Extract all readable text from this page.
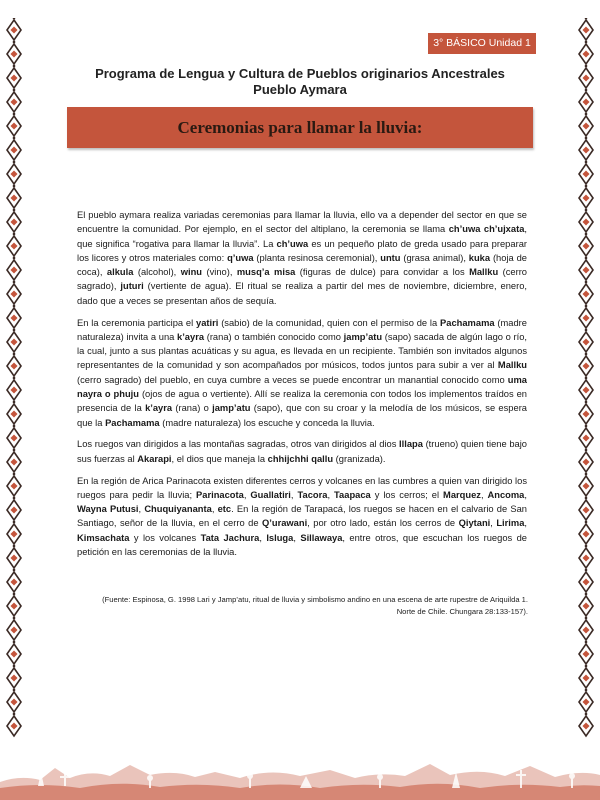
3° BÁSICO Unidad 1
Programa de Lengua y Cultura de Pueblos originarios Ancestrales
Pueblo Aymara
Ceremonias para llamar la lluvia:

El pueblo aymara realiza variadas ceremonias para llamar la lluvia, ello va a depender del sector en que se encuentre la comunidad. Por ejemplo, en el sector del altiplano, la ceremonia se llama ch’uwa ch’ujxata, que significa “rogativa para llamar la lluvia”. La ch’uwa es un pequeño plato de greda usado para preparar los licores y otros materiales como: q’uwa (planta resinosa ceremonial), untu (grasa animal), kuka (hoja de coca), alkula (alcohol), winu (vino), musq’a misa (figuras de dulce) para convidar a los Mallku (cerro sagrado), juturi (vertiente de agua). El ritual se realiza a partir del mes de noviembre, diciembre, enero, dado que a veces se presentan años de sequía.

En la ceremonia participa el yatiri (sabio) de la comunidad, quien con el permiso de la Pachamama (madre naturaleza) invita a una k’ayra (rana) o también conocido como jamp’atu (sapo) sacada de algún lago o río, la cual, junto a sus plantas acuáticas y su agua, es llevada en un recipiente. También son invitados algunos representantes de la comunidad y son acompañados por músicos, todos juntos para subir a ver al Mallku (cerro sagrado) del pueblo, en cuya cumbre a veces se puede encontrar un manantial conocido como uma nayra o phuju (ojos de agua o vertiente). Allí se realiza la ceremonia con todos los implementos traídos en presencia de la k’ayra (rana) o jamp’atu (sapo), que con su croar y la melodía de los músicos, se espera que la Pachamama (madre naturaleza) los escuche y conceda la lluvia.

Los ruegos van dirigidos a las montañas sagradas, otros van dirigidos al dios Illapa (trueno) quien tiene bajo sus fuerzas al Akarapi, el dios que maneja la chhijchhi qallu (granizada).

En la región de Arica Parinacota existen diferentes cerros y volcanes en las cumbres a quien van dirigido los ruegos para pedir la lluvia; Parinacota, Guallatiri, Tacora, Taapaca y los cerros; el Marquez, Ancoma, Wayna Putusi, Chuquiyananta, etc. En la región de Tarapacá, los ruegos se hacen en el calvario de San Santiago, señor de la lluvia, en el cerro de Q’urawani, por otro lado, están los cerros de Qiytani, Lirima, Kimsachata y los volcanes Tata Jachura, Isluga, Sillawaya, entre otros, que escuchan los ruegos de petición en las ceremonias de la lluvia.

(Fuente: Espinosa, G. 1998 Lari y Jamp’atu, ritual de lluvia y simbolismo andino en una escena de arte rupestre de Ariquilda 1. Norte de Chile. Chungara 28:133-157).
